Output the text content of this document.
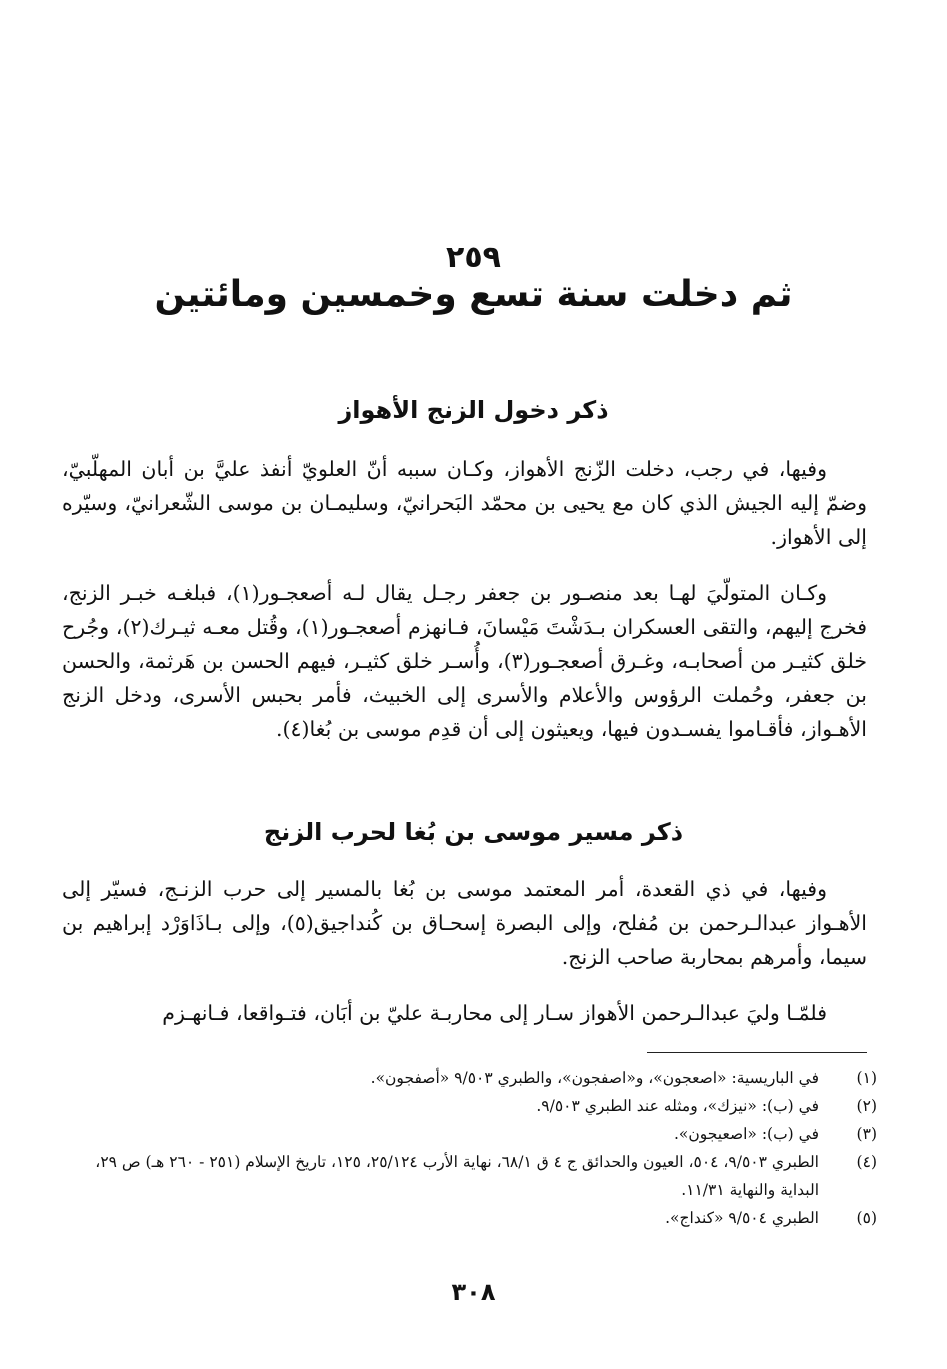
٢٥٩
ثم دخلت سنة تسع وخمسين ومائتين
ذكر دخول الزنج الأهواز
وفيها، في رجب، دخلت الزّنج الأهواز، وكـان سببه أنّ العلويّ أنفذ عليَّ بن أبان المهلّبيّ، وضمّ إليه الجيش الذي كان مع يحيى بن محمّد البَحرانيّ، وسليمـان بن موسى الشّعرانيّ، وسيّره إلى الأهواز.
وكـان المتولّيَ لهـا بعد منصـور بن جعفر رجـل يقال لـه أصعجـور(١)، فبلغـه خبـر الزنج، فخرج إليهم، والتقى العسكران بـدَشْتَ مَيْسانَ، فـانهزم أصعجـور(١)، وقُتل معـه ثيـرك(٢)، وجُرح خلق كثيـر من أصحابـه، وغـرق أصعجـور(٣)، وأُسـر خلق كثيـر، فيهم الحسن بن هَرثمة، والحسن بن جعفر، وحُملت الرؤوس والأعلام والأسرى إلى الخبيث، فأمر بحبس الأسرى، ودخل الزنج الأهـواز، فأقـاموا يفسـدون فيها، ويعيثون إلى أن قدِم موسى بن بُغا(٤).
ذكر مسير موسى بن بُغا لحرب الزنج
وفيها، في ذي القعدة، أمر المعتمد موسى بن بُغا بالمسير إلى حرب الزنـج، فسيّر إلى الأهـواز عبدالـرحمن بن مُفلح، وإلى البصرة إسحـاق بن كُنداجيق(٥)، وإلى بـاذَاوَرْد إبراهيم بن سيما، وأمرهم بمحاربة صاحب الزنج.
فلمّـا وليَ عبدالـرحمن الأهواز سـار إلى محاربـة عليّ بن أبَان، فتـواقعا، فـانهـزم
(١)
في الباريسية: «اصعجون»، و«اصفجون»، والطبري ٩/٥٠٣ «أصفجون».
(٢)
في (ب): «نيزك»، ومثله عند الطبري ٩/٥٠٣.
(٣)
في (ب): «اصعيجون».
(٤)
الطبري ٩/٥٠٣، ٥٠٤، العيون والحدائق ج ٤ ق ٦٨/١، نهاية الأرب ٢٥/١٢٤، ١٢٥، تاريخ الإسلام (٢٥١ - ٢٦٠ هـ) ص ٢٩، البداية والنهاية ١١/٣١.
(٥)
الطبري ٩/٥٠٤ «كنداج».
٣٠٨
